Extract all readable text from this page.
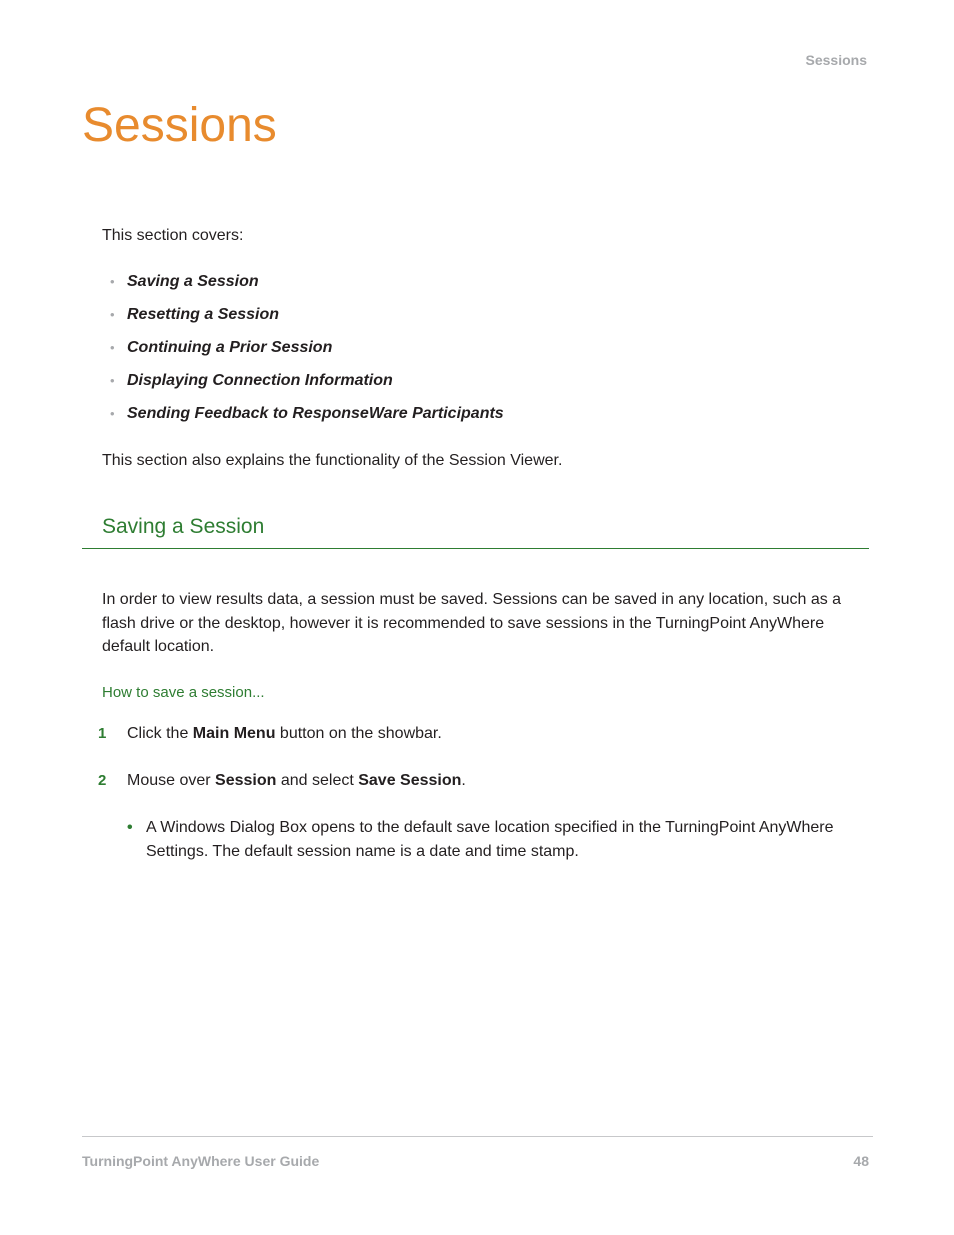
Sessions
Sessions

This section covers:

• Saving a Session
• Resetting a Session
• Continuing a Prior Session
• Displaying Connection Information
• Sending Feedback to ResponseWare Participants

This section also explains the functionality of the Session Viewer.

Saving a Session

In order to view results data, a session must be saved. Sessions can be saved in any location, such as a flash drive or the desktop, however it is recommended to save sessions in the TurningPoint AnyWhere default location.

How to save a session...

1 Click the Main Menu button on the showbar.

2 Mouse over Session and select Save Session.

• A Windows Dialog Box opens to the default save location specified in the TurningPoint AnyWhere Settings. The default session name is a date and time stamp.
TurningPoint AnyWhere User Guide	48
